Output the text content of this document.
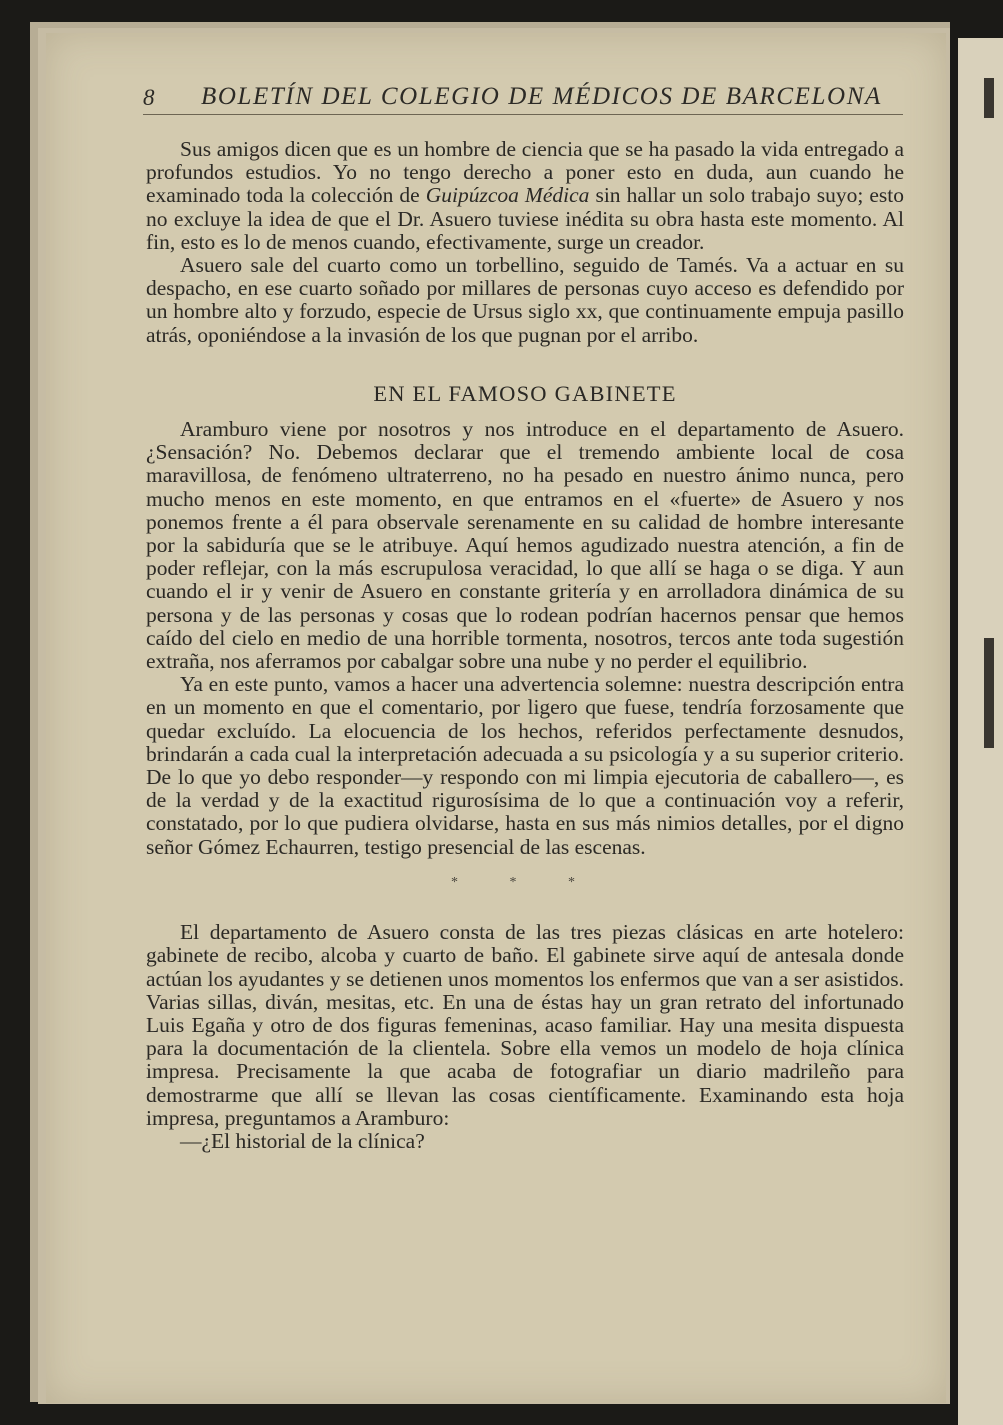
8 BOLETÍN DEL COLEGIO DE MÉDICOS DE BARCELONA

Sus amigos dicen que es un hombre de ciencia que se ha pasado la vida entregado a profundos estudios. Yo no tengo derecho a poner esto en duda, aun cuando he examinado toda la colección de Guipúzcoa Médica sin hallar un solo trabajo suyo; esto no excluye la idea de que el Dr. Asuero tuviese inédita su obra hasta este momento. Al fin, esto es lo de menos cuando, efectivamente, surge un creador.

Asuero sale del cuarto como un torbellino, seguido de Tamés. Va a actuar en su despacho, en ese cuarto soñado por millares de personas cuyo acceso es defendido por un hombre alto y forzudo, especie de Ursus siglo xx, que continuamente empuja pasillo atrás, oponiéndose a la invasión de los que pugnan por el arribo.

EN EL FAMOSO GABINETE

Aramburo viene por nosotros y nos introduce en el departamento de Asuero. ¿Sensación? No. Debemos declarar que el tremendo ambiente local de cosa maravillosa, de fenómeno ultraterreno, no ha pesado en nuestro ánimo nunca, pero mucho menos en este momento, en que entramos en el «fuerte» de Asuero y nos ponemos frente a él para observale serenamente en su calidad de hombre interesante por la sabiduría que se le atribuye. Aquí hemos agudizado nuestra atención, a fin de poder reflejar, con la más escrupulosa veracidad, lo que allí se haga o se diga. Y aun cuando el ir y venir de Asuero en constante gritería y en arrolladora dinámica de su persona y de las personas y cosas que lo rodean podrían hacernos pensar que hemos caído del cielo en medio de una horrible tormenta, nosotros, tercos ante toda sugestión extraña, nos aferramos por cabalgar sobre una nube y no perder el equilibrio.

Ya en este punto, vamos a hacer una advertencia solemne: nuestra descripción entra en un momento en que el comentario, por ligero que fuese, tendría forzosamente que quedar excluído. La elocuencia de los hechos, referidos perfectamente desnudos, brindarán a cada cual la interpretación adecuada a su psicología y a su superior criterio. De lo que yo debo responder—y respondo con mi limpia ejecutoria de caballero—, es de la verdad y de la exactitud rigurosísima de lo que a continuación voy a referir, constatado, por lo que pudiera olvidarse, hasta en sus más nimios detalles, por el digno señor Gómez Echaurren, testigo presencial de las escenas.

* * *

El departamento de Asuero consta de las tres piezas clásicas en arte hotelero: gabinete de recibo, alcoba y cuarto de baño. El gabinete sirve aquí de antesala donde actúan los ayudantes y se detienen unos momentos los enfermos que van a ser asistidos. Varias sillas, diván, mesitas, etc. En una de éstas hay un gran retrato del infortunado Luis Egaña y otro de dos figuras femeninas, acaso familiar. Hay una mesita dispuesta para la documentación de la clientela. Sobre ella vemos un modelo de hoja clínica impresa. Precisamente la que acaba de fotografiar un diario madrileño para demostrarme que allí se llevan las cosas científicamente. Examinando esta hoja impresa, preguntamos a Aramburo:

—¿El historial de la clínica?
